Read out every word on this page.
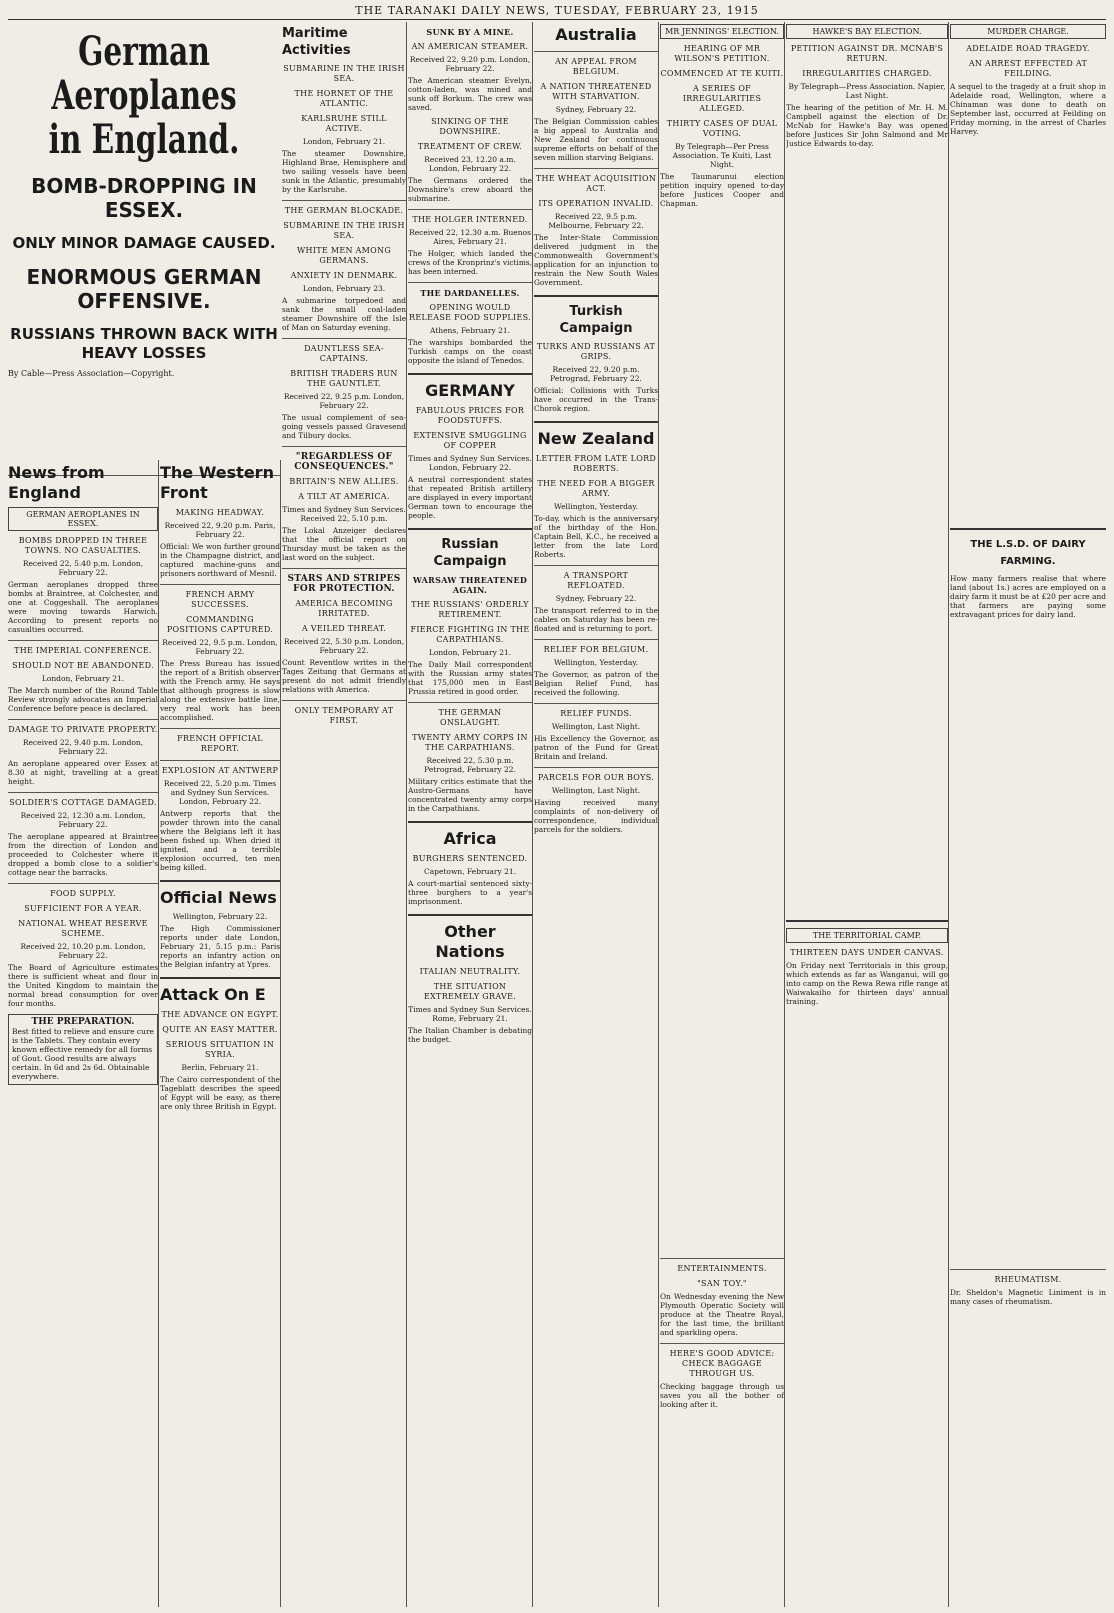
THE TARANAKI DAILY NEWS, TUESDAY, FEBRUARY 23, 1915
German Aeroplanes in England.
BOMB-DROPPING IN ESSEX.
ONLY MINOR DAMAGE CAUSED.
ENORMOUS GERMAN OFFENSIVE.
RUSSIANS THROWN BACK WITH HEAVY LOSSES
By Cable—Press Association—Copyright.
News from England
GERMAN AEROPLANES IN ESSEX.
BOMBS DROPPED IN THREE TOWNS. NO CASUALTIES.
Received 22, 5.40 p.m. London, February 22.

German aeroplanes dropped three bombs at Braintree, at Colchester, and one at Coggeshall. The aeroplanes were moving towards Harwich. According to present reports no casualties occurred.

THE IMPERIAL CONFERENCE.
SHOULD NOT BE ABANDONED.
London, February 21.

The March number of the Round Table Review strongly advocates an Imperial Conference before peace is declared.

DAMAGE TO PRIVATE PROPERTY.
Received 22, 9.40 p.m. London, February 22.

An aeroplane appeared over Essex at 8.30 at night, travelling at a great height.

SOLDIER'S COTTAGE DAMAGED.
Received 22, 12.30 a.m. London, February 22.

The aeroplane appeared at Braintree from the direction of London and proceeded to Colchester where it dropped a bomb close to a soldier's cottage near the barracks.

FOOD SUPPLY.
SUFFICIENT FOR A YEAR.
NATIONAL WHEAT RESERVE SCHEME.
Received 22, 10.20 p.m. London, February 22.

The Board of Agriculture estimates there is sufficient wheat and flour in the United Kingdom to maintain the normal bread consumption for over four months.

THE PREPARATION.
Best fitted to relieve and ensure cure is the Tablets. They contain every known effective remedy for all forms of Gout. Good results are always certain. In 6d and 2s 6d. Obtainable everywhere.
The Western Front
MAKING HEADWAY.
Received 22, 9.20 p.m. Paris, February 22.

Official: We won further ground in the Champagne district, and captured machine-guns and prisoners northward of Mesnil.

FRENCH ARMY SUCCESSES.
COMMANDING POSITIONS CAPTURED.
Received 22, 9.5 p.m. London, February 22.

The Press Bureau has issued the report of a British observer with the French army. He says that although progress is slow along the extensive battle line, very real work has been accomplished.

FRENCH OFFICIAL REPORT.
EXPLOSION AT ANTWERP
Received 22, 5.20 p.m. Times and Sydney Sun Services. London, February 22.

Antwerp reports that the powder thrown into the canal where the Belgians left it has been fished up. When dried it ignited, and a terrible explosion occurred, ten men being killed.

Official News
Wellington, February 22.

The High Commissioner reports under date London, February 21, 5.15 p.m.: Paris reports an infantry action on the Belgian infantry at Ypres.

Attack On E
THE ADVANCE ON EGYPT.
QUITE AN EASY MATTER.
SERIOUS SITUATION IN SYRIA.
Berlin, February 21.

The Cairo correspondent of the Tageblatt describes the speed of Egypt will be easy, as there are only three British in Egypt.

Maritime Activities
SUBMARINE IN THE IRISH SEA.
THE HORNET OF THE ATLANTIC.
KARLSRUHE STILL ACTIVE.
London, February 21.

The steamer Downshire, Highland Brae, Hemisphere and two sailing vessels have been sunk in the Atlantic, presumably by the Karlsruhe.

THE GERMAN BLOCKADE.
SUBMARINE IN THE IRISH SEA.
WHITE MEN AMONG GERMANS.
ANXIETY IN DENMARK.
London, February 23.

A submarine torpedoed and sank the small coal-laden steamer Downshire off the Isle of Man on Saturday evening.

DAUNTLESS SEA-CAPTAINS.
BRITISH TRADERS RUN THE GAUNTLET.
Received 22, 9.25 p.m. London, February 22.

The usual complement of sea-going vessels passed Gravesend and Tilbury docks.

"REGARDLESS OF CONSEQUENCES."
BRITAIN'S NEW ALLIES.
A TILT AT AMERICA.
Times and Sydney Sun Services. Received 22, 5.10 p.m.

The Lokal Anzeiger declares that the official report on Thursday must be taken as the last word on the subject.

STARS AND STRIPES FOR PROTECTION.
AMERICA BECOMING IRRITATED.
A VEILED THREAT.
Received 22, 5.30 p.m. London, February 22.

Count Reventlow writes in the Tages Zeitung that Germans at present do not admit friendly relations with America.

ONLY TEMPORARY AT FIRST.
SUNK BY A MINE.
AN AMERICAN STEAMER.
Received 22, 9.20 p.m. London, February 22.

The American steamer Evelyn, cotton-laden, was mined and sunk off Borkum. The crew was saved.

SINKING OF THE DOWNSHIRE.
TREATMENT OF CREW.
Received 23, 12.20 a.m. London, February 22.

The Germans ordered the Downshire's crew aboard the submarine.

THE HOLGER INTERNED.
Received 22, 12.30 a.m. Buenos Aires, February 21.

The Holger, which landed the crews of the Kronprinz's victims, has been interned.

THE DARDANELLES.
OPENING WOULD RELEASE FOOD SUPPLIES.
Athens, February 21.

The warships bombarded the Turkish camps on the coast opposite the island of Tenedos.

GERMANY
FABULOUS PRICES FOR FOODSTUFFS.
EXTENSIVE SMUGGLING OF COPPER
Times and Sydney Sun Services. London, February 22.

A neutral correspondent states that repeated British artillery are displayed in every important German town to encourage the people.

Russian Campaign
WARSAW THREATENED AGAIN.
THE RUSSIANS' ORDERLY RETIREMENT.
FIERCE FIGHTING IN THE CARPATHIANS.
London, February 21.

The Daily Mail correspondent with the Russian army states that 175,000 men in East Prussia retired in good order.

THE GERMAN ONSLAUGHT.
TWENTY ARMY CORPS IN THE CARPATHIANS.
Received 22, 5.30 p.m. Petrograd, February 22.

Military critics estimate that the Austro-Germans have concentrated twenty army corps in the Carpathians.

Africa
BURGHERS SENTENCED.
Capetown, February 21.

A court-martial sentenced sixty-three burghers to a year's imprisonment.

Other Nations
ITALIAN NEUTRALITY.
THE SITUATION EXTREMELY GRAVE.
Times and Sydney Sun Services. Rome, February 21.

The Italian Chamber is debating the budget.

Australia
AN APPEAL FROM BELGIUM.
A NATION THREATENED WITH STARVATION.
Sydney, February 22.

The Belgian Commission cables a big appeal to Australia and New Zealand for continuous supreme efforts on behalf of the seven million starving Belgians.

THE WHEAT ACQUISITION ACT.
ITS OPERATION INVALID.
Received 22, 9.5 p.m. Melbourne, February 22.

The Inter-State Commission delivered judgment in the Commonwealth Government's application for an injunction to restrain the New South Wales Government.

Turkish Campaign
TURKS AND RUSSIANS AT GRIPS.
Received 22, 9.20 p.m. Petrograd, February 22.

Official: Collisions with Turks have occurred in the Trans-Chorok region.

New Zealand
LETTER FROM LATE LORD ROBERTS.
THE NEED FOR A BIGGER ARMY.
Wellington, Yesterday.

To-day, which is the anniversary of the birthday of the Hon. Captain Bell, K.C., he received a letter from the late Lord Roberts.

A TRANSPORT REFLOATED.
Sydney, February 22.

The transport referred to in the cables on Saturday has been re-floated and is returning to port.

RELIEF FOR BELGIUM.
Wellington, Yesterday.

The Governor, as patron of the Belgian Relief Fund, has received the following.

RELIEF FUNDS.
Wellington, Last Night.

His Excellency the Governor, as patron of the Fund for Great Britain and Ireland.

PARCELS FOR OUR BOYS.
Wellington, Last Night.

Having received many complaints of non-delivery of correspondence, individual parcels for the soldiers.

MR JENNINGS' ELECTION.
HEARING OF MR WILSON'S PETITION.
COMMENCED AT TE KUITI.
A SERIES OF IRREGULARITIES ALLEGED.
THIRTY CASES OF DUAL VOTING.
By Telegraph—Per Press Association. Te Kuiti, Last Night.

The Taumarunui election petition inquiry opened to-day before Justices Cooper and Chapman.

ENTERTAINMENTS.
"SAN TOY."

On Wednesday evening the New Plymouth Operatic Society will produce at the Theatre Royal, for the last time, the brilliant and sparkling opera.

HERE'S GOOD ADVICE: CHECK BAGGAGE THROUGH US.

Checking baggage through us saves you all the bother of looking after it.

HAWKE'S BAY ELECTION.
PETITION AGAINST DR. MCNAB'S RETURN.
IRREGULARITIES CHARGED.
By Telegraph—Press Association. Napier, Last Night.

The hearing of the petition of Mr. H. M. Campbell against the election of Dr. McNab for Hawke's Bay was opened before Justices Sir John Salmond and Mr Justice Edwards to-day.

THE TERRITORIAL CAMP.
THIRTEEN DAYS UNDER CANVAS.

On Friday next Territorials in this group, which extends as far as Wanganui, will go into camp on the Rewa Rewa rifle range at Waiwakaiho for thirteen days' annual training.

MURDER CHARGE.
ADELAIDE ROAD TRAGEDY.
AN ARREST EFFECTED AT FEILDING.

A sequel to the tragedy at a fruit shop in Adelaide road, Wellington, where a Chinaman was done to death on September last, occurred at Feilding on Friday morning, in the arrest of Charles Harvey.

THE L.S.D. OF DAIRY FARMING.

How many farmers realise that where land (about 1s.) acres are employed on a dairy farm it must be at £20 per acre and that farmers are paying some extravagant prices for dairy land.

RHEUMATISM.

Dr. Sheldon's Magnetic Liniment is in many cases of rheumatism.
